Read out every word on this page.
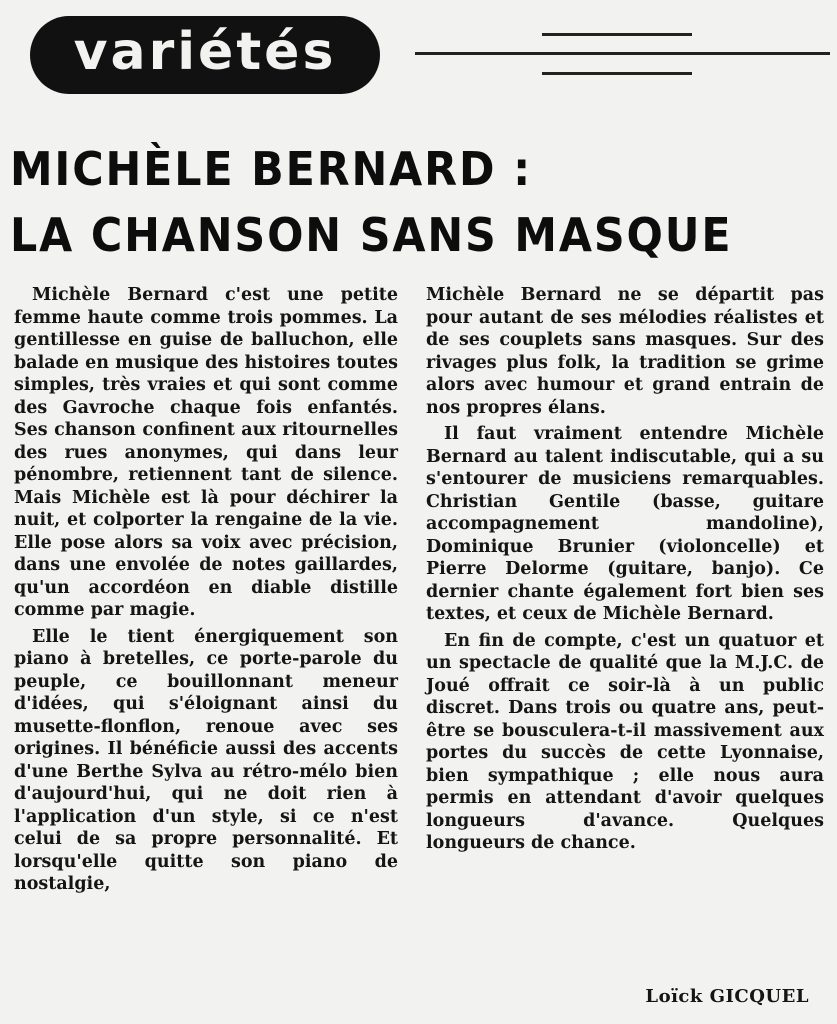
variétés
MICHÈLE BERNARD :
LA CHANSON SANS MASQUE

Michèle Bernard c'est une petite femme haute comme trois pommes. La gentillesse en guise de balluchon, elle balade en musique des histoires toutes simples, très vraies et qui sont comme des Gavroche chaque fois enfantés. Ses chanson confinent aux ritournelles des rues anonymes, qui dans leur pénombre, retiennent tant de silence. Mais Michèle est là pour déchirer la nuit, et colporter la rengaine de la vie. Elle pose alors sa voix avec précision, dans une envolée de notes gaillardes, qu'un accordéon en diable distille comme par magie.

Elle le tient énergiquement son piano à bretelles, ce porte-parole du peuple, ce bouillonnant meneur d'idées, qui s'éloignant ainsi du musette-flonflon, renoue avec ses origines. Il bénéficie aussi des accents d'une Berthe Sylva au rétro-mélo bien d'aujourd'hui, qui ne doit rien à l'application d'un style, si ce n'est celui de sa propre personnalité. Et lorsqu'elle quitte son piano de nostalgie,

Michèle Bernard ne se départit pas pour autant de ses mélodies réalistes et de ses couplets sans masques. Sur des rivages plus folk, la tradition se grime alors avec humour et grand entrain de nos propres élans.

Il faut vraiment entendre Michèle Bernard au talent indiscutable, qui a su s'entourer de musiciens remarquables. Christian Gentile (basse, guitare accompagnement mandoline), Dominique Brunier (violoncelle) et Pierre Delorme (guitare, banjo). Ce dernier chante également fort bien ses textes, et ceux de Michèle Bernard.

En fin de compte, c'est un quatuor et un spectacle de qualité que la M.J.C. de Joué offrait ce soir-là à un public discret. Dans trois ou quatre ans, peut-être se bousculera-t-il massivement aux portes du succès de cette Lyonnaise, bien sympathique ; elle nous aura permis en attendant d'avoir quelques longueurs d'avance. Quelques longueurs de chance.

Loïck GICQUEL
